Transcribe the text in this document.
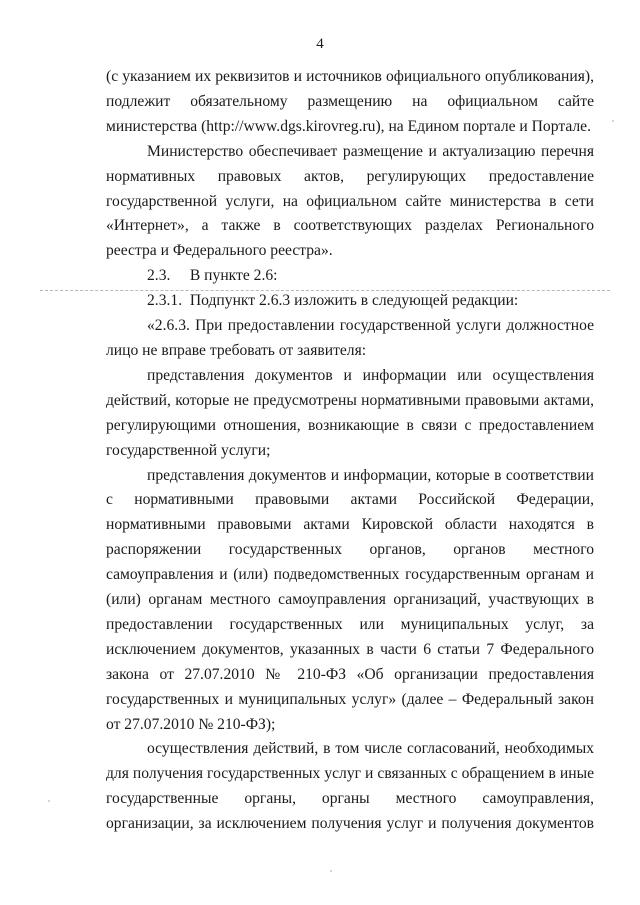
4

(с указанием их реквизитов и источников официального опубликования), подлежит обязательному размещению на официальном сайте министерства (http://www.dgs.kirovreg.ru), на Едином портале и Портале.

Министерство обеспечивает размещение и актуализацию перечня нормативных правовых актов, регулирующих предоставление государственной услуги, на официальном сайте министерства в сети «Интернет», а также в соответствующих разделах Регионального реестра и Федерального реестра».

2.3.     В пункте 2.6:

2.3.1.  Подпункт 2.6.3 изложить в следующей редакции:

«2.6.3. При предоставлении государственной услуги должностное лицо не вправе требовать от заявителя:

представления документов и информации или осуществления действий, которые не предусмотрены нормативными правовыми актами, регулирующими отношения, возникающие в связи с предоставлением государственной услуги;

представления документов и информации, которые в соответствии с нормативными правовыми актами Российской Федерации, нормативными правовыми актами Кировской области находятся в распоряжении государственных органов, органов местного самоуправления и (или) подведомственных государственным органам и (или) органам местного самоуправления организаций, участвующих в предоставлении государственных или муниципальных услуг, за исключением документов, указанных в части 6 статьи 7 Федерального закона от 27.07.2010 № 210-ФЗ «Об организации предоставления государственных и муниципальных услуг» (далее – Федеральный закон от 27.07.2010 № 210-ФЗ);

осуществления действий, в том числе согласований, необходимых для получения государственных услуг и связанных с обращением в иные государственные органы, органы местного самоуправления, организации, за исключением получения услуг и получения документов
